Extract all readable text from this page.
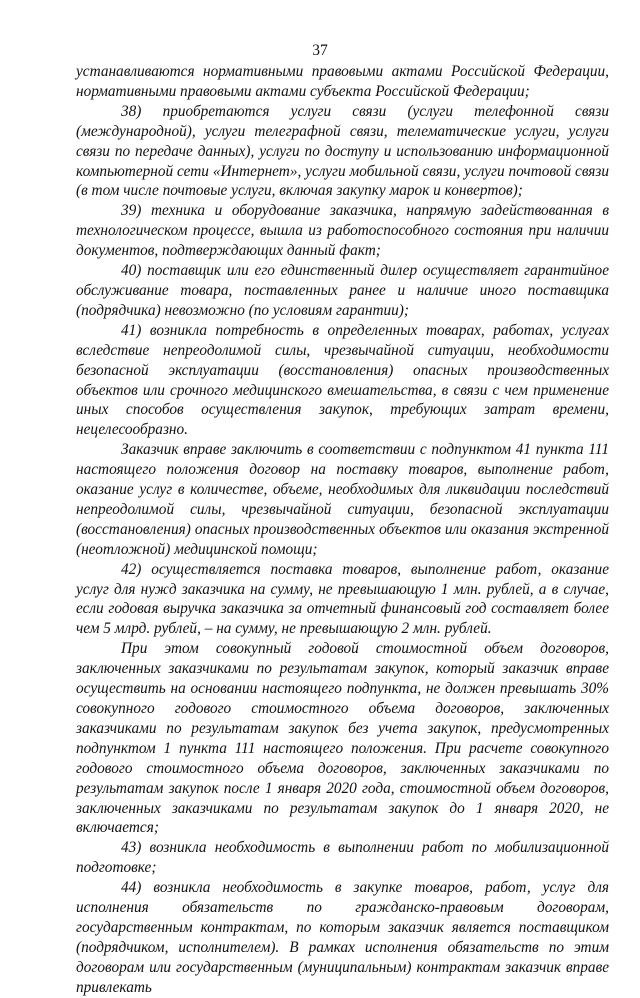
37

устанавливаются нормативными правовыми актами Российской Федерации, нормативными правовыми актами субъекта Российской Федерации;

38) приобретаются услуги связи (услуги телефонной связи (международной), услуги телеграфной связи, телематические услуги, услуги связи по передаче данных), услуги по доступу и использованию информационной компьютерной сети «Интернет», услуги мобильной связи, услуги почтовой связи (в том числе почтовые услуги, включая закупку марок и конвертов);

39) техника и оборудование заказчика, напрямую задействованная в технологическом процессе, вышла из работоспособного состояния при наличии документов, подтверждающих данный факт;

40) поставщик или его единственный дилер осуществляет гарантийное обслуживание товара, поставленных ранее и наличие иного поставщика (подрядчика) невозможно (по условиям гарантии);

41) возникла потребность в определенных товарах, работах, услугах вследствие непреодолимой силы, чрезвычайной ситуации, необходимости безопасной эксплуатации (восстановления) опасных производственных объектов или срочного медицинского вмешательства, в связи с чем применение иных способов осуществления закупок, требующих затрат времени, нецелесообразно.

Заказчик вправе заключить в соответствии с подпунктом 41 пункта 111 настоящего положения договор на поставку товаров, выполнение работ, оказание услуг в количестве, объеме, необходимых для ликвидации последствий непреодолимой силы, чрезвычайной ситуации, безопасной эксплуатации (восстановления) опасных производственных объектов или оказания экстренной (неотложной) медицинской помощи;

42) осуществляется поставка товаров, выполнение работ, оказание услуг для нужд заказчика на сумму, не превышающую 1 млн. рублей, а в случае, если годовая выручка заказчика за отчетный финансовый год составляет более чем 5 млрд. рублей, – на сумму, не превышающую 2 млн. рублей.

При этом совокупный годовой стоимостной объем договоров, заключенных заказчиками по результатам закупок, который заказчик вправе осуществить на основании настоящего подпункта, не должен превышать 30% совокупного годового стоимостного объема договоров, заключенных заказчиками по результатам закупок без учета закупок, предусмотренных подпунктом 1 пункта 111 настоящего положения. При расчете совокупного годового стоимостного объема договоров, заключенных заказчиками по результатам закупок после 1 января 2020 года, стоимостной объем договоров, заключенных заказчиками по результатам закупок до 1 января 2020, не включается;

43) возникла необходимость в выполнении работ по мобилизационной подготовке;

44) возникла необходимость в закупке товаров, работ, услуг для исполнения обязательств по гражданско-правовым договорам, государственным контрактам, по которым заказчик является поставщиком (подрядчиком, исполнителем). В рамках исполнения обязательств по этим договорам или государственным (муниципальным) контрактам заказчик вправе привлекать
